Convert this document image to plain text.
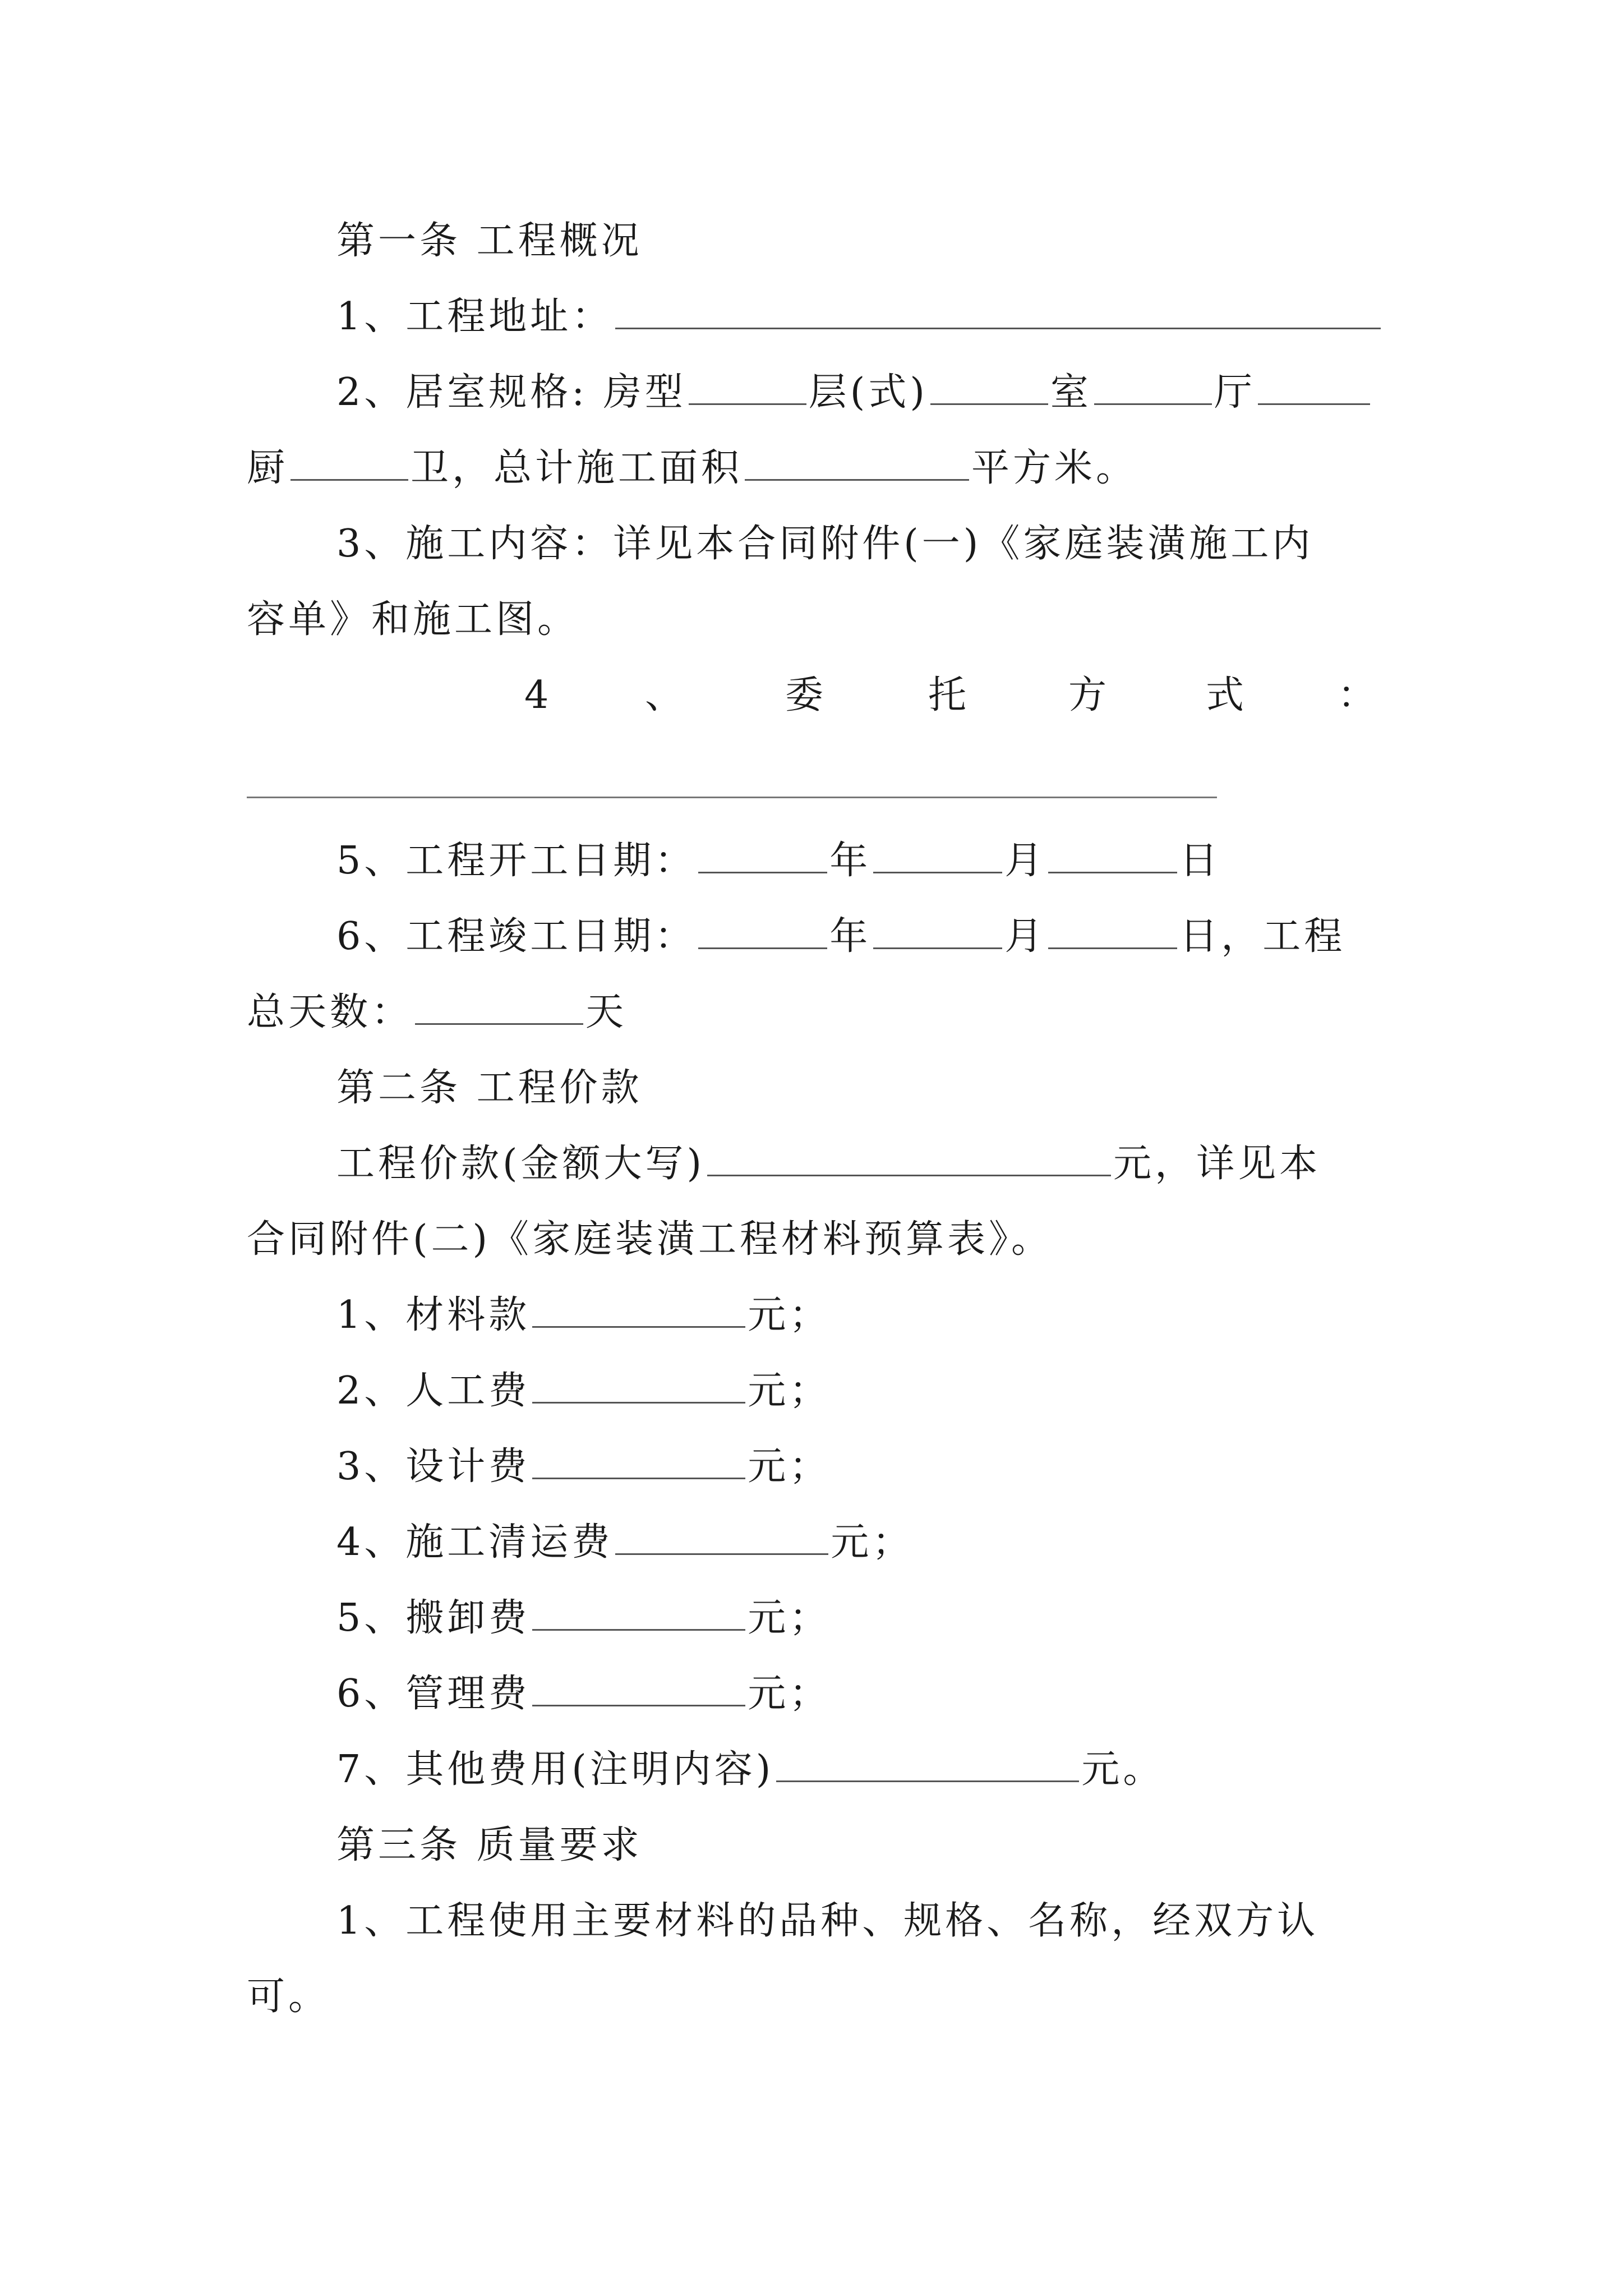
第一条 工程概况
1、工程地址：
2、居室规格: 房型	层(式)	室	厅
厨	卫，总计施工面积	平方米。
3、施工内容：详见本合同附件(一)《家庭装潢施工内
容单》和施工图。
4	、	委	托	方	式 ：
5、工程开工日期：	年	月	日
6、工程竣工日期：	年	月	日，工程
总天数：	天
第二条 工程价款
工程价款(金额大写)	元，详见本
合同附件(二)《家庭装潢工程材料预算表》。
1、材料款	元；
2、人工费	元；
3、设计费	元；
4、施工清运费	元；
5、搬卸费	元；
6、管理费	元；
7、其他费用(注明内容)	元。
第三条 质量要求
1、工程使用主要材料的品种、规格、名称，经双方认
可。
